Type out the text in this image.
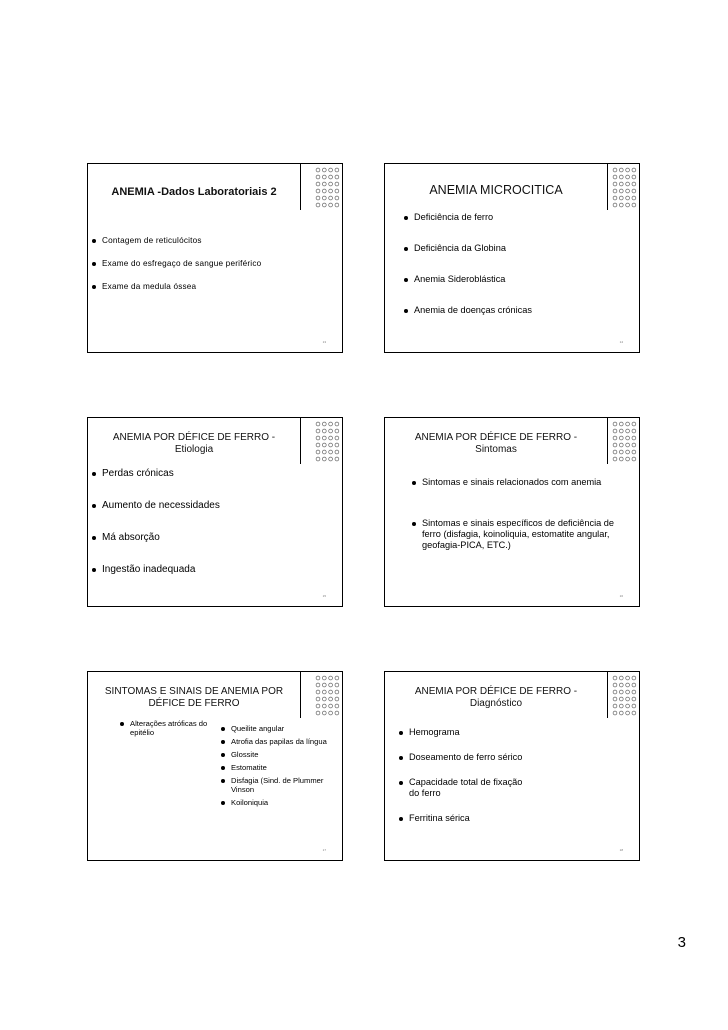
ANEMIA -Dados Laboratoriais 2
Contagem de reticulócitos
Exame do esfregaço de sangue periférico
Exame da medula óssea
13
ANEMIA MICROCITICA
Deficiência de ferro
Deficiência da Globina
Anemia Sideroblástica
Anemia de doenças crónicas
14
ANEMIA POR DÉFICE DE FERRO -
Etiologia
Perdas crónicas
Aumento de necessidades
Má absorção
Ingestão inadequada
15
ANEMIA POR DÉFICE DE FERRO -
Sintomas
Sintomas e sinais relacionados com anemia
Sintomas e sinais específicos de deficiência de ferro (disfagia, koinoliquia, estomatite angular, geofagia-PICA, ETC.)
16
SINTOMAS E SINAIS DE ANEMIA POR
DÉFICE DE FERRO
Alterações atróficas do epitélio	Queilite angular
Atrofia das papilas da língua
Glossite
Estomatite
Disfagia (Sind. de Plummer Vinson
Koiloniquia
17
ANEMIA POR DÉFICE DE FERRO -
Diagnóstico
Hemograma
Doseamento de ferro sérico
Capacidade total de fixação do ferro
Ferritina sérica
18
3
